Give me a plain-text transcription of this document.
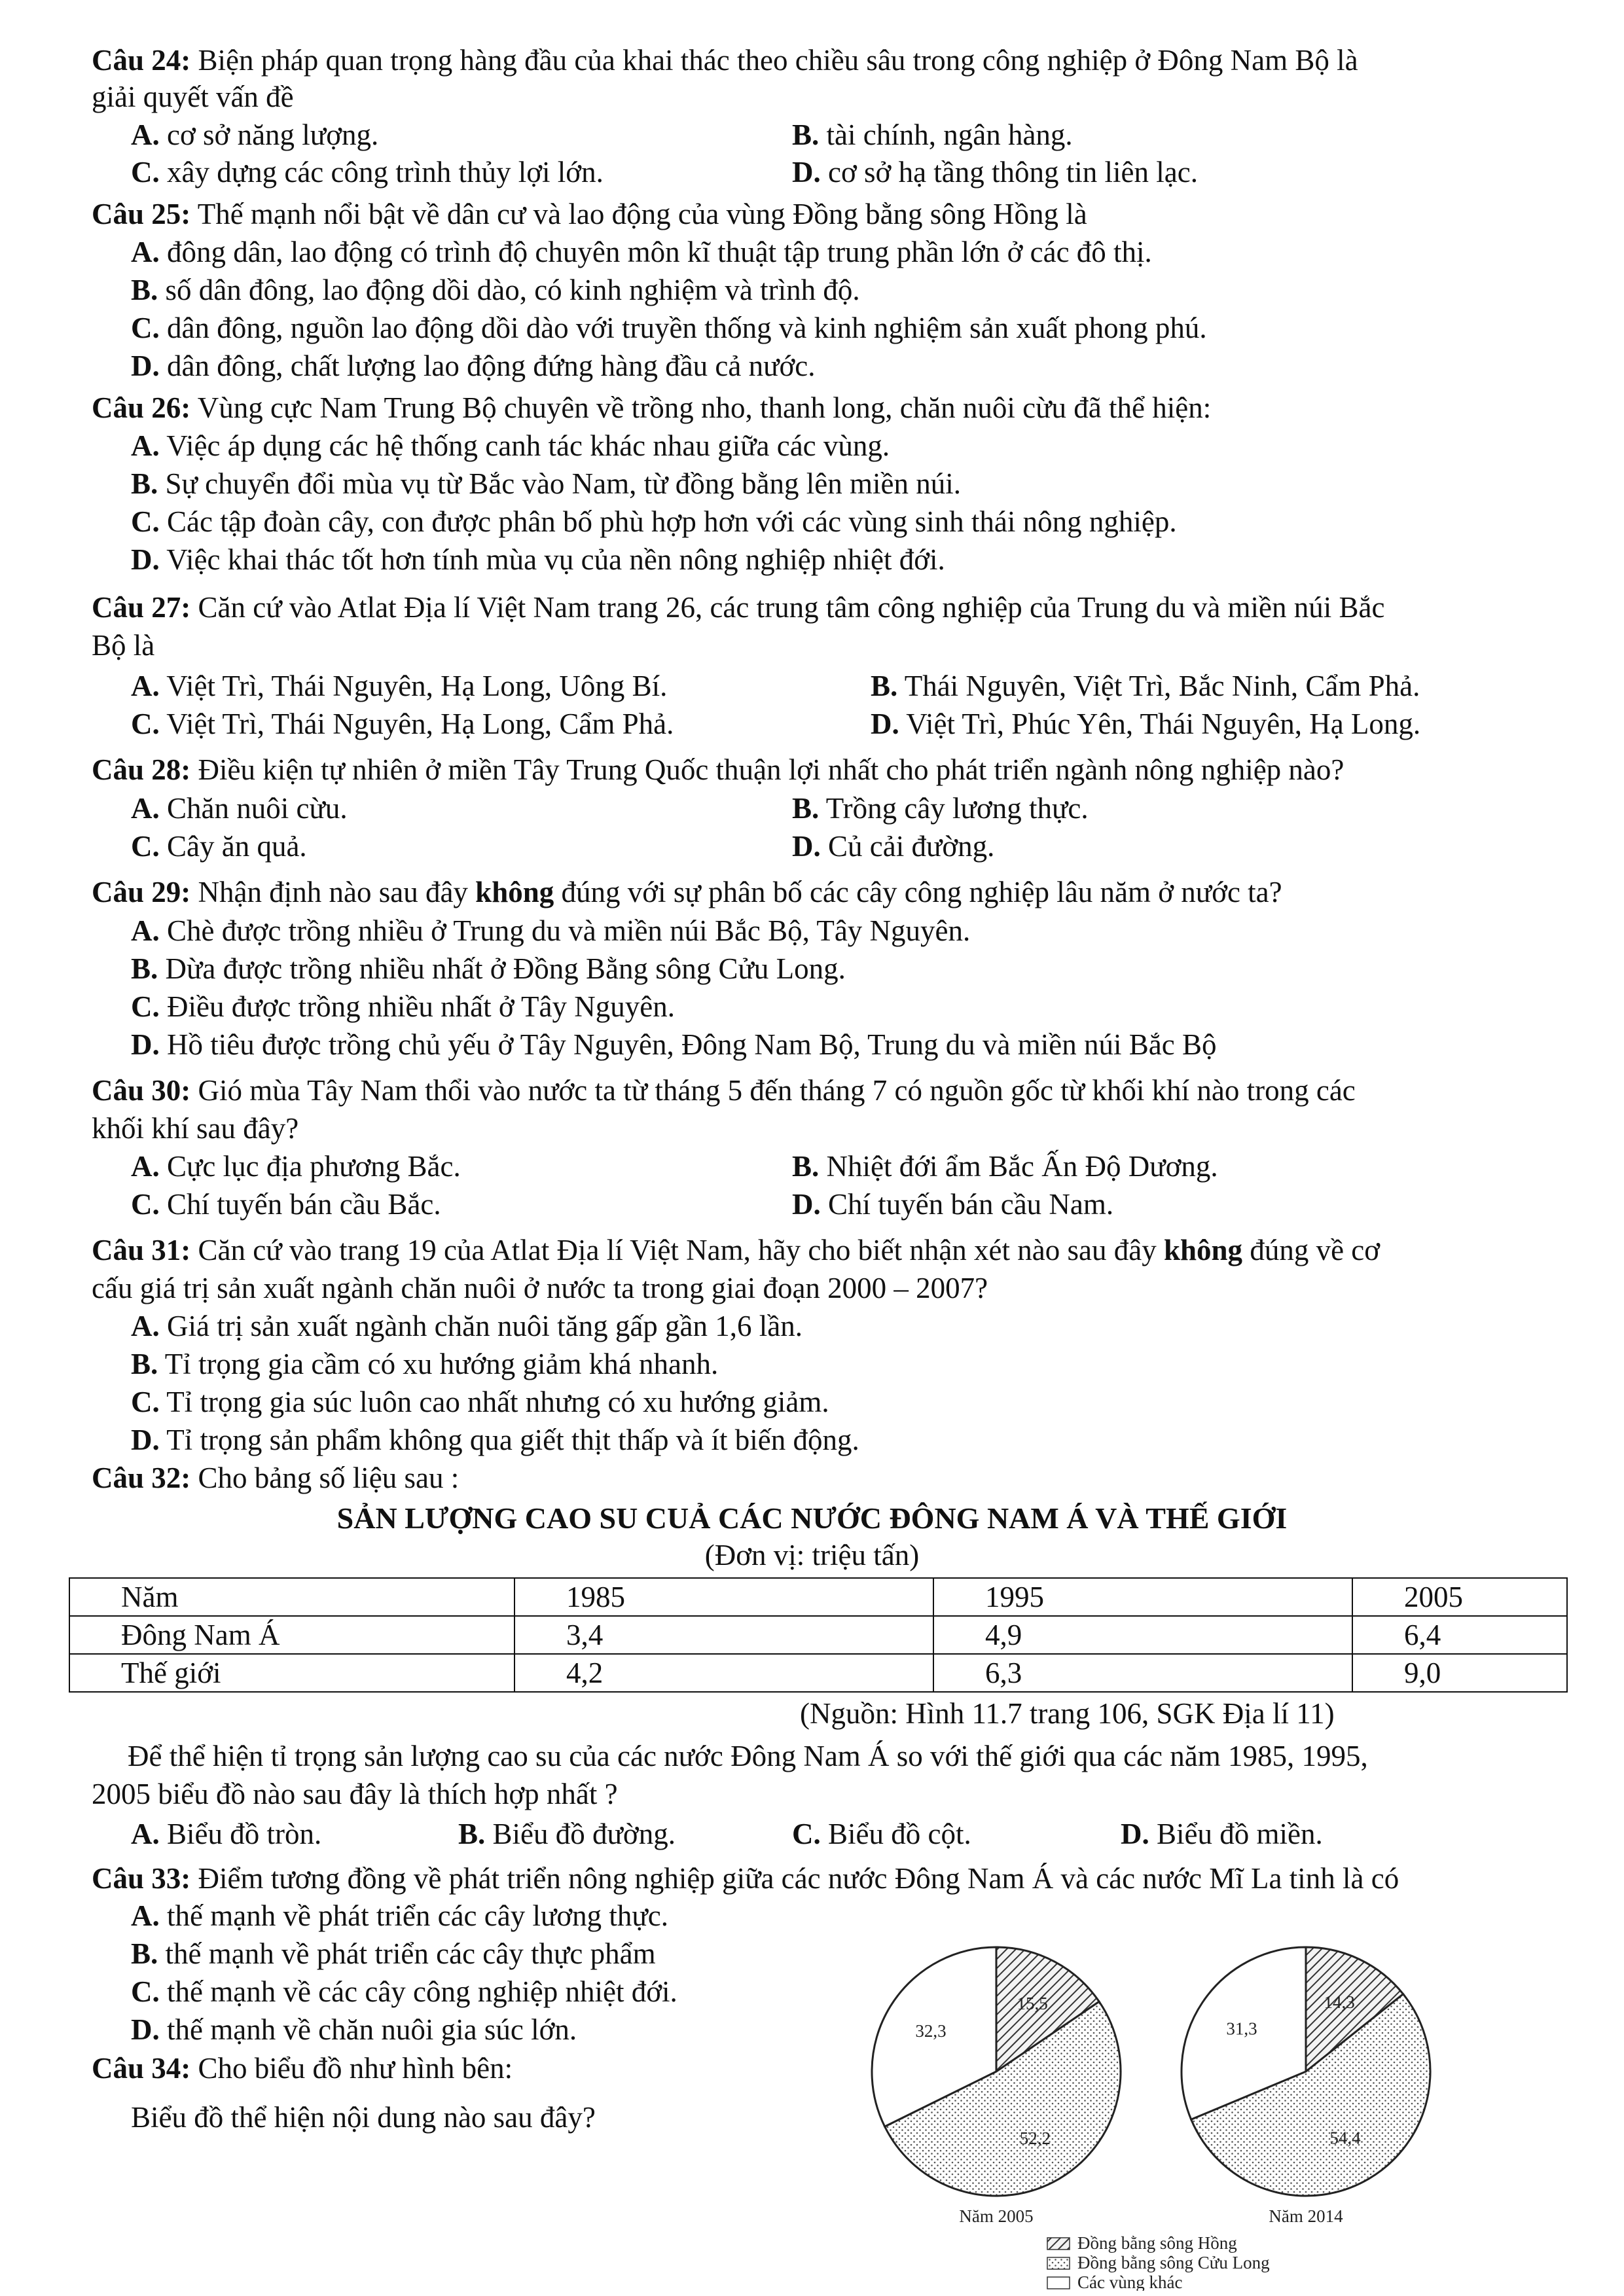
Câu 24: Biện pháp quan trọng hàng đầu của khai thác theo chiều sâu trong công nghiệp ở Đông Nam Bộ là
giải quyết vấn đề
A. cơ sở năng lượng.	B. tài chính, ngân hàng.
C. xây dựng các công trình thủy lợi lớn.	D. cơ sở hạ tầng thông tin liên lạc.
Câu 25: Thế mạnh nổi bật về dân cư và lao động của vùng Đồng bằng sông Hồng là
A. đông dân, lao động có trình độ chuyên môn kĩ thuật tập trung phần lớn ở các đô thị.
B. số dân đông, lao động dồi dào, có kinh nghiệm và trình độ.
C. dân đông, nguồn lao động dồi dào với truyền thống và kinh nghiệm sản xuất phong phú.
D. dân đông, chất lượng lao động đứng hàng đầu cả nước.
Câu 26: Vùng cực Nam Trung Bộ chuyên về trồng nho, thanh long, chăn nuôi cừu đã thể hiện:
A. Việc áp dụng các hệ thống canh tác khác nhau giữa các vùng.
B. Sự chuyển đổi mùa vụ từ Bắc vào Nam, từ đồng bằng lên miền núi.
C. Các tập đoàn cây, con được phân bố phù hợp hơn với các vùng sinh thái nông nghiệp.
D. Việc khai thác tốt hơn tính mùa vụ của nền nông nghiệp nhiệt đới.
Câu 27: Căn cứ vào Atlat Địa lí Việt Nam trang 26, các trung tâm công nghiệp của Trung du và miền núi Bắc
Bộ là
A. Việt Trì, Thái Nguyên, Hạ Long, Uông Bí.	B. Thái Nguyên, Việt Trì, Bắc Ninh, Cẩm Phả.
C. Việt Trì, Thái Nguyên, Hạ Long, Cẩm Phả.	D. Việt Trì, Phúc Yên, Thái Nguyên, Hạ Long.
Câu 28: Điều kiện tự nhiên ở miền Tây Trung Quốc thuận lợi nhất cho phát triển ngành nông nghiệp nào?
A. Chăn nuôi cừu.	B. Trồng cây lương thực.
C. Cây ăn quả.	D. Củ cải đường.
Câu 29: Nhận định nào sau đây không đúng với sự phân bố các cây công nghiệp lâu năm ở nước ta?
A. Chè được trồng nhiều ở Trung du và miền núi Bắc Bộ, Tây Nguyên.
B. Dừa được trồng nhiều nhất ở Đồng Bằng sông Cửu Long.
C. Điều được trồng nhiều nhất ở Tây Nguyên.
D. Hồ tiêu được trồng chủ yếu ở Tây Nguyên, Đông Nam Bộ, Trung du và miền núi Bắc Bộ
Câu 30: Gió mùa Tây Nam thổi vào nước ta từ tháng 5 đến tháng 7 có nguồn gốc từ khối khí nào trong các
khối khí sau đây?
A. Cực lục địa phương Bắc.	B. Nhiệt đới ẩm Bắc Ấn Độ Dương.
C. Chí tuyến bán cầu Bắc.	D. Chí tuyến bán cầu Nam.
Câu 31: Căn cứ vào trang 19 của Atlat Địa lí Việt Nam, hãy cho biết nhận xét nào sau đây không đúng về cơ
cấu giá trị sản xuất ngành chăn nuôi ở nước ta trong giai đoạn 2000 – 2007?
A. Giá trị sản xuất ngành chăn nuôi tăng gấp gần 1,6 lần.
B. Tỉ trọng gia cầm có xu hướng giảm khá nhanh.
C. Tỉ trọng gia súc luôn cao nhất nhưng có xu hướng giảm.
D. Tỉ trọng sản phẩm không qua giết thịt thấp và ít biến động.
Câu 32: Cho bảng số liệu sau :
SẢN LƯỢNG CAO SU CUẢ CÁC NƯỚC ĐÔNG NAM Á VÀ THẾ GIỚI
(Đơn vị: triệu tấn)
Năm	1985	1995	2005
Đông Nam Á	3,4	4,9	6,4
Thế giới	4,2	6,3	9,0
(Nguồn: Hình 11.7 trang 106, SGK Địa lí 11)
Để thể hiện tỉ trọng sản lượng cao su của các nước Đông Nam Á so với thế giới qua các năm 1985, 1995,
2005 biểu đồ nào sau đây là thích hợp nhất ?
A. Biểu đồ tròn.	B. Biểu đồ đường.	C. Biểu đồ cột.	D. Biểu đồ miền.
Câu 33: Điểm tương đồng về phát triển nông nghiệp giữa các nước Đông Nam Á và các nước Mĩ La tinh là có
A. thế mạnh về phát triển các cây lương thực.
B. thế mạnh về phát triển các cây thực phẩm
C. thế mạnh về các cây công nghiệp nhiệt đới.
D. thế mạnh về chăn nuôi gia súc lớn.
Câu 34: Cho biểu đồ như hình bên:
Biểu đồ thể hiện nội dung nào sau đây?
15,5
52,2
32,3
14,3
54,4
31,3
Năm 2005	Năm 2014
Đồng bằng sông Hồng
Đồng bằng sông Cửu Long
Các vùng khác
